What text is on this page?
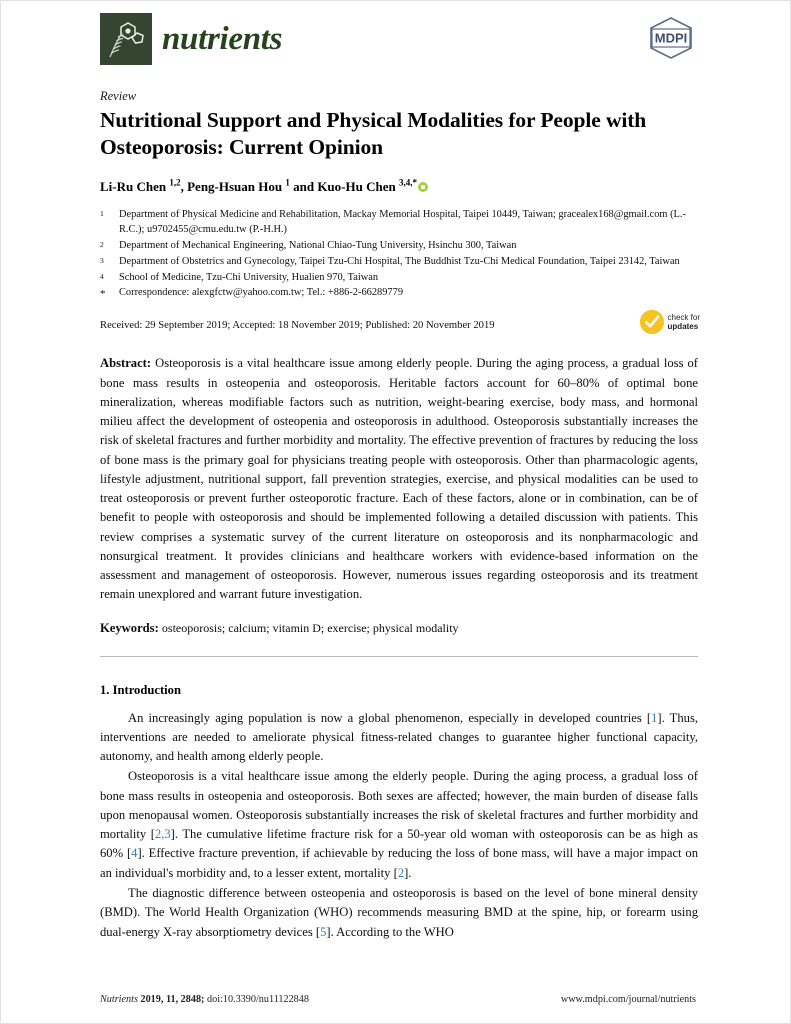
nutrients	MDPI
Review
Nutritional Support and Physical Modalities for People with Osteoporosis: Current Opinion
Li-Ru Chen $^{1,2}$, Peng-Hsuan Hou $^1$ and Kuo-Hu Chen $^{3,4,*}$
1	Department of Physical Medicine and Rehabilitation, Mackay Memorial Hospital, Taipei 10449, Taiwan; gracealex168@gmail.com (L.-R.C.); u9702455@cmu.edu.tw (P.-H.H.)
2	Department of Mechanical Engineering, National Chiao-Tung University, Hsinchu 300, Taiwan
3	Department of Obstetrics and Gynecology, Taipei Tzu-Chi Hospital, The Buddhist Tzu-Chi Medical Foundation, Taipei 23142, Taiwan
4	School of Medicine, Tzu-Chi University, Hualien 970, Taiwan
*	Correspondence: alexgfctw@yahoo.com.tw; Tel.: +886-2-66289779
Received: 29 September 2019; Accepted: 18 November 2019; Published: 20 November 2019
check for
updates
Abstract: Osteoporosis is a vital healthcare issue among elderly people. During the aging process, a gradual loss of bone mass results in osteopenia and osteoporosis. Heritable factors account for 60–80% of optimal bone mineralization, whereas modifiable factors such as nutrition, weight-bearing exercise, body mass, and hormonal milieu affect the development of osteopenia and osteoporosis in adulthood. Osteoporosis substantially increases the risk of skeletal fractures and further morbidity and mortality. The effective prevention of fractures by reducing the loss of bone mass is the primary goal for physicians treating people with osteoporosis. Other than pharmacologic agents, lifestyle adjustment, nutritional support, fall prevention strategies, exercise, and physical modalities can be used to treat osteoporosis or prevent further osteoporotic fracture. Each of these factors, alone or in combination, can be of benefit to people with osteoporosis and should be implemented following a detailed discussion with patients. This review comprises a systematic survey of the current literature on osteoporosis and its nonpharmacologic and nonsurgical treatment. It provides clinicians and healthcare workers with evidence-based information on the assessment and management of osteoporosis. However, numerous issues regarding osteoporosis and its treatment remain unexplored and warrant future investigation.
Keywords: osteoporosis; calcium; vitamin D; exercise; physical modality
1. Introduction

An increasingly aging population is now a global phenomenon, especially in developed countries [1]. Thus, interventions are needed to ameliorate physical fitness-related changes to guarantee higher functional capacity, autonomy, and health among elderly people.

Osteoporosis is a vital healthcare issue among the elderly people. During the aging process, a gradual loss of bone mass results in osteopenia and osteoporosis. Both sexes are affected; however, the main burden of disease falls upon menopausal women. Osteoporosis substantially increases the risk of skeletal fractures and further morbidity and mortality [2,3]. The cumulative lifetime fracture risk for a 50-year old woman with osteoporosis can be as high as 60% [4]. Effective fracture prevention, if achievable by reducing the loss of bone mass, will have a major impact on an individual's morbidity and, to a lesser extent, mortality [2].

The diagnostic difference between osteopenia and osteoporosis is based on the level of bone mineral density (BMD). The World Health Organization (WHO) recommends measuring BMD at the spine, hip, or forearm using dual-energy X-ray absorptiometry devices [5]. According to the WHO

Nutrients 2019, 11, 2848; doi:10.3390/nu11122848	www.mdpi.com/journal/nutrients
